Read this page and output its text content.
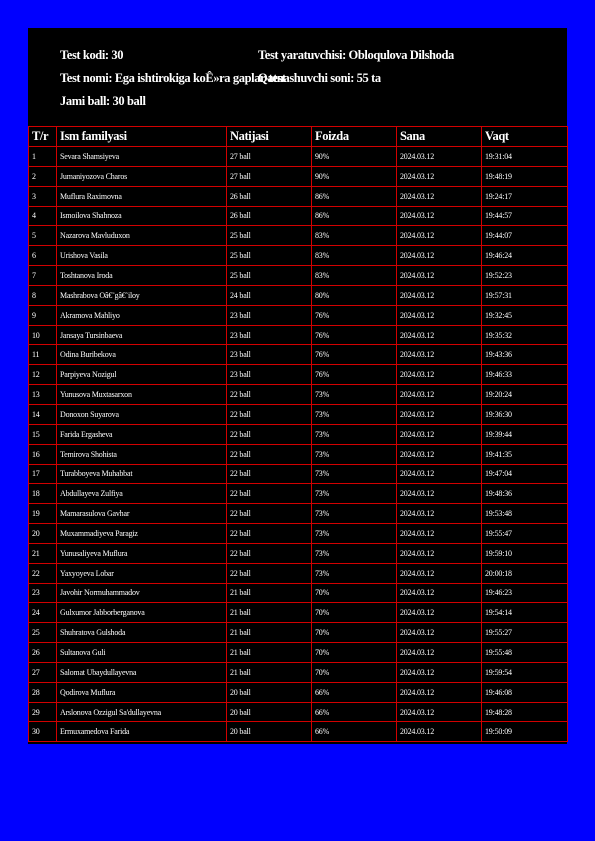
Test kodi: 30	Test yaratuvchisi: Obloqulova Dilshoda
Test nomi: Ega ishtirokiga koÊ»ra gaplar-test
Qatnashuvchi soni: 55 ta
Jami ball: 30 ball
T/r	Ism familyasi	Natijasi	Foizda	Sana	Vaqt
1	Sevara Shamsiyeva	27 ball	90%	2024.03.12	19:31:04
2	Jumaniyozova Charos	27 ball	90%	2024.03.12	19:48:19
3	Muflura Raximovna	26 ball	86%	2024.03.12	19:24:17
4	Ismoilova Shahnoza	26 ball	86%	2024.03.12	19:44:57
5	Nazarova Mavluduxon	25 ball	83%	2024.03.12	19:44:07
6	Urishova Vasila	25 ball	83%	2024.03.12	19:46:24
7	Toshtanova Iroda	25 ball	83%	2024.03.12	19:52:23
8	Mashrabova Oâ€˜gâ€˜iloy	24 ball	80%	2024.03.12	19:57:31
9	Akramova Mahliyo	23 ball	76%	2024.03.12	19:32:45
10	Jansaya Tursinbaeva	23 ball	76%	2024.03.12	19:35:32
11	Odina Buribekova	23 ball	76%	2024.03.12	19:43:36
12	Parpiyeva Nozigul	23 ball	76%	2024.03.12	19:46:33
13	Yunusova Muxtasarxon	22 ball	73%	2024.03.12	19:20:24
14	Donoxon Suyarova	22 ball	73%	2024.03.12	19:36:30
15	Farida Ergasheva	22 ball	73%	2024.03.12	19:39:44
16	Temirova Shohista	22 ball	73%	2024.03.12	19:41:35
17	Turabboyeva Muhabbat	22 ball	73%	2024.03.12	19:47:04
18	Abdullayeva Zulfiya	22 ball	73%	2024.03.12	19:48:36
19	Mamarasulova Gavhar	22 ball	73%	2024.03.12	19:53:48
20	Muxammadiyeva Paragiz	22 ball	73%	2024.03.12	19:55:47
21	Yunusaliyeva Muflura	22 ball	73%	2024.03.12	19:59:10
22	Yaxyoyeva Lobar	22 ball	73%	2024.03.12	20:00:18
23	Javohir Normuhammadov	21 ball	70%	2024.03.12	19:46:23
24	Gulxumor Jabborberganova	21 ball	70%	2024.03.12	19:54:14
25	Shuhratova Gulshoda	21 ball	70%	2024.03.12	19:55:27
26	Sultanova Guli	21 ball	70%	2024.03.12	19:55:48
27	Salomat Ubaydullayevna	21 ball	70%	2024.03.12	19:59:54
28	Qodirova Muflura	20 ball	66%	2024.03.12	19:46:08
29	Arslonova Ozzigul Sa'dullayevna	20 ball	66%	2024.03.12	19:48:28
30	Ermuxamedova Farida	20 ball	66%	2024.03.12	19:50:09
